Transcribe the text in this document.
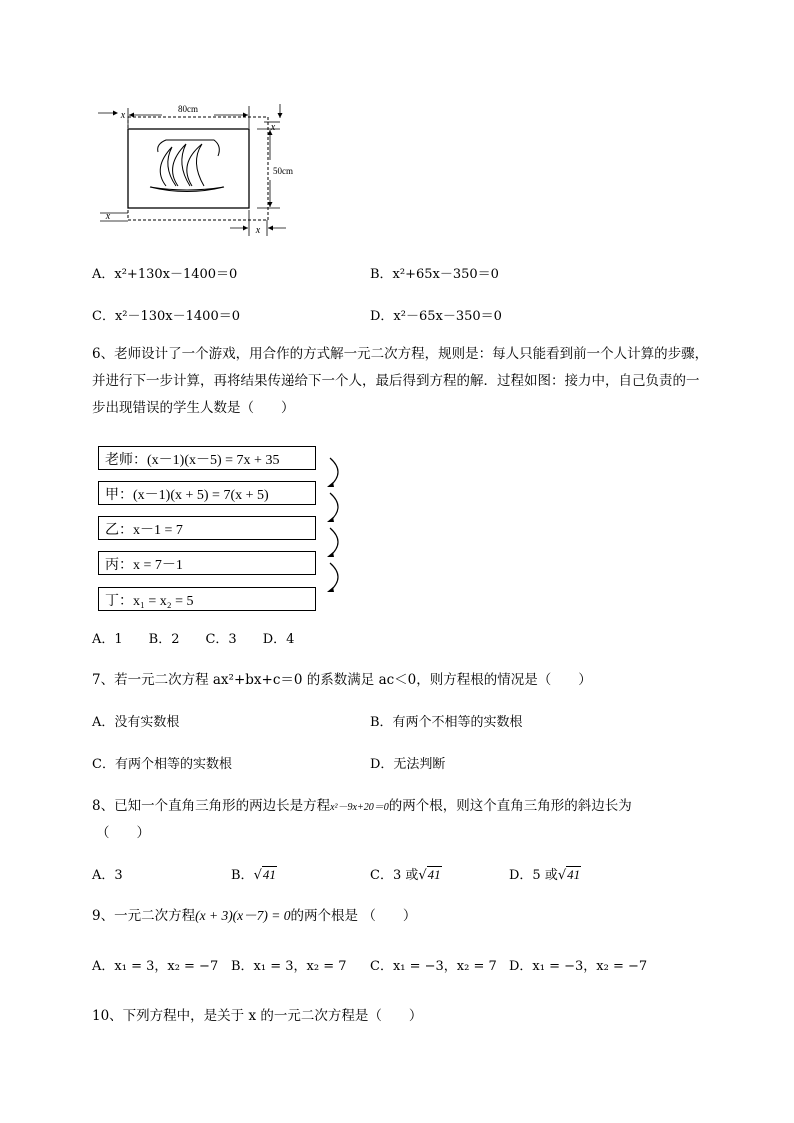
80cm
x
x
50cm
x
x
A．x²+130x－1400＝0	B．x²+65x－350＝0
C．x²－130x－1400＝0	D．x²－65x－350＝0
6、老师设计了一个游戏，用合作的方式解一元二次方程，规则是：每人只能看到前一个人计算的步骤，并进行下一步计算，再将结果传递给下一个人，最后得到方程的解．过程如图：接力中，自己负责的一步出现错误的学生人数是（　　）
老师：(x－1)(x－5) = 7x + 35
甲：(x－1)(x + 5) = 7(x + 5)
乙：x－1 = 7
丙：x = 7－1
丁：x₁ = x₂ = 5
A．1　　B．2　　C．3　　D．4
7、若一元二次方程 ax²+bx+c＝0 的系数满足 ac＜0，则方程根的情况是（　　）
A．没有实数根	B．有两个不相等的实数根
C．有两个相等的实数根	D．无法判断
8、已知一个直角三角形的两边长是方程x²－9x+20＝0的两个根，则这个直角三角形的斜边长为
（　　）
A．3	B．√41	C．3 或√41	D．5 或√41
9、一元二次方程(x + 3)(x－7) = 0的两个根是 （　　）
A．x₁ = 3，x₂ = −7 B．x₁ = 3，x₂ = 7 C．x₁ = −3，x₂ = 7 D．x₁ = −3，x₂ = −7
10、下列方程中，是关于 x 的一元二次方程是（　　）
